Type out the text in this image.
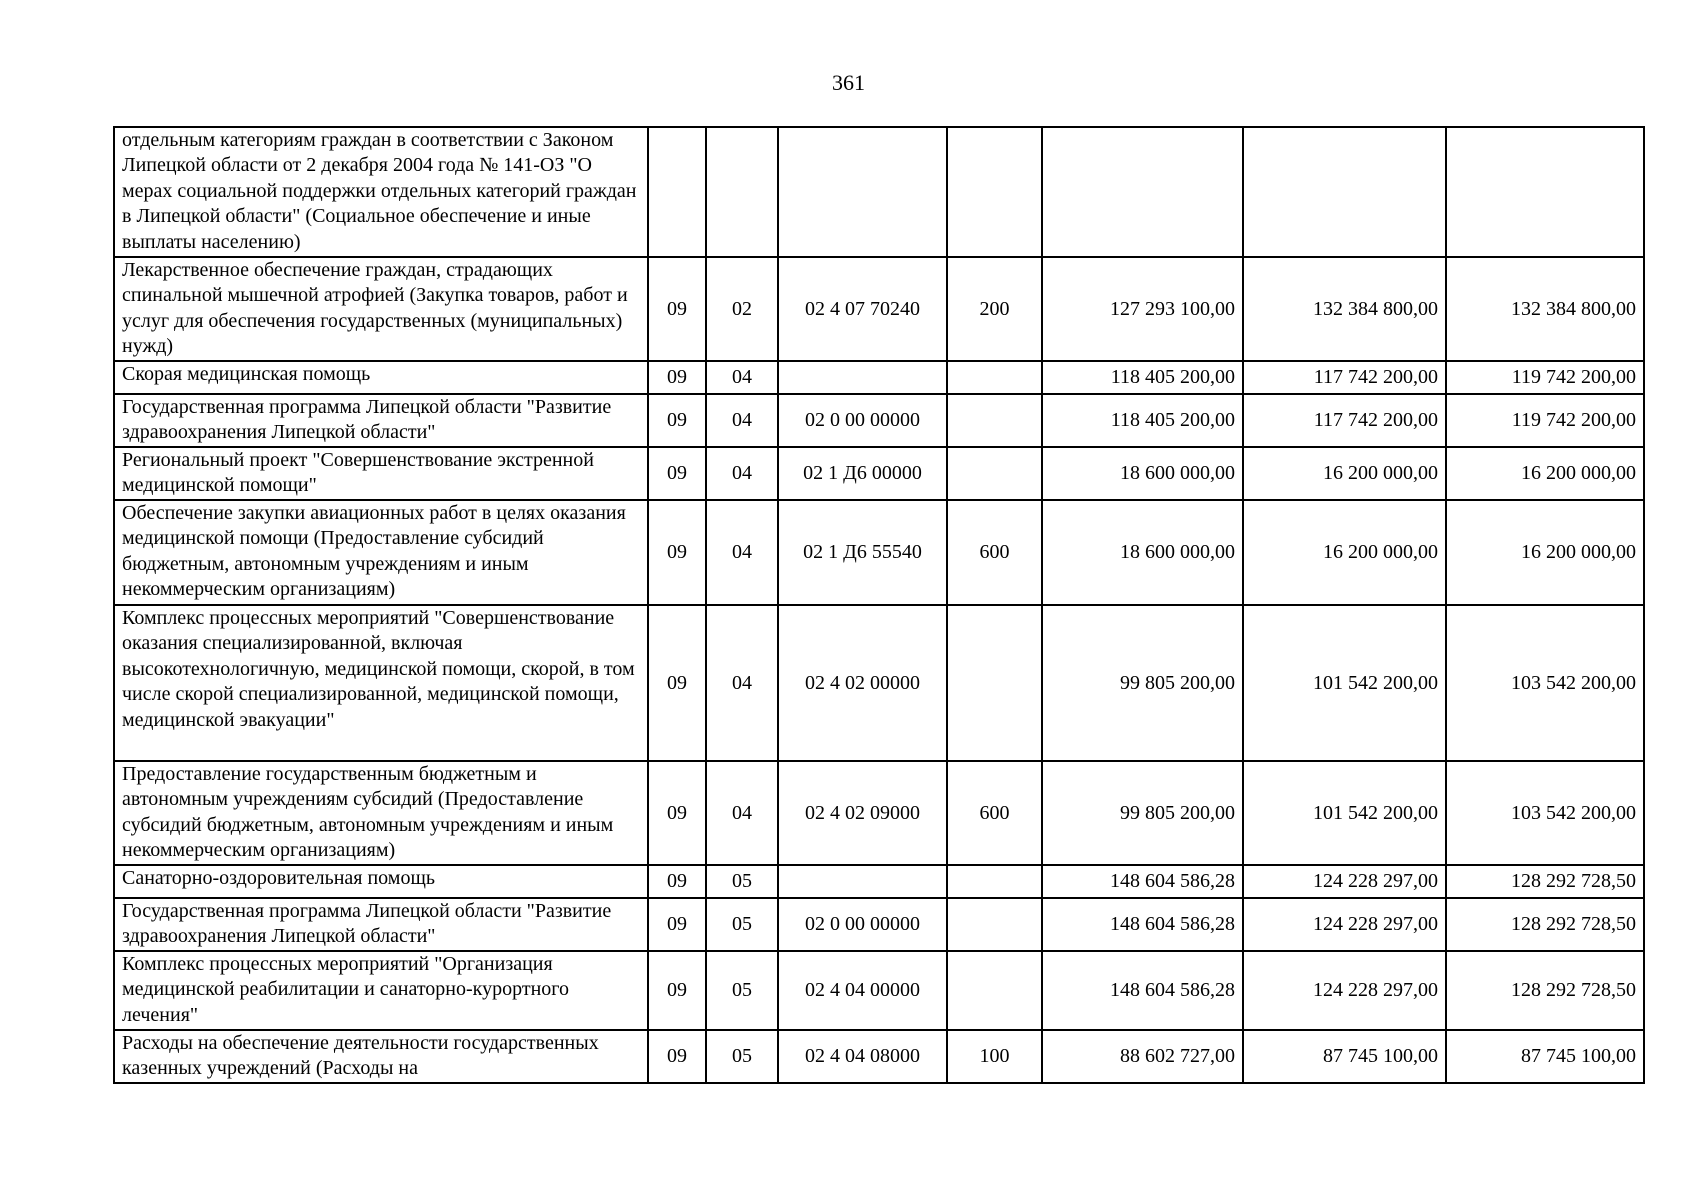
361
отдельным категориям граждан в соответствии с Законом Липецкой области от 2 декабря 2004 года № 141-ОЗ "О мерах социальной поддержки отдельных категорий граждан в Липецкой области" (Социальное обеспечение и иные выплаты населению)							
Лекарственное обеспечение граждан, страдающих спинальной мышечной атрофией (Закупка товаров, работ и услуг для обеспечения государственных (муниципальных) нужд)	09	02	02 4 07 70240	200	127 293 100,00	132 384 800,00	132 384 800,00
Скорая медицинская помощь	09	04			118 405 200,00	117 742 200,00	119 742 200,00
Государственная программа Липецкой области "Развитие здравоохранения Липецкой области"	09	04	02 0 00 00000		118 405 200,00	117 742 200,00	119 742 200,00
Региональный проект "Совершенствование экстренной медицинской помощи"	09	04	02 1 Д6 00000		18 600 000,00	16 200 000,00	16 200 000,00
Обеспечение закупки авиационных работ в целях оказания медицинской помощи (Предоставление субсидий бюджетным, автономным учреждениям и иным некоммерческим организациям)	09	04	02 1 Д6 55540	600	18 600 000,00	16 200 000,00	16 200 000,00
Комплекс процессных мероприятий "Совершенствование оказания специализированной, включая высокотехнологичную, медицинской помощи, скорой, в том числе скорой специализированной, медицинской помощи, медицинской эвакуации"	09	04	02 4 02 00000		99 805 200,00	101 542 200,00	103 542 200,00
Предоставление государственным бюджетным и автономным учреждениям субсидий (Предоставление субсидий бюджетным, автономным учреждениям и иным некоммерческим организациям)	09	04	02 4 02 09000	600	99 805 200,00	101 542 200,00	103 542 200,00
Санаторно-оздоровительная помощь	09	05			148 604 586,28	124 228 297,00	128 292 728,50
Государственная программа Липецкой области "Развитие здравоохранения Липецкой области"	09	05	02 0 00 00000		148 604 586,28	124 228 297,00	128 292 728,50
Комплекс процессных мероприятий "Организация медицинской реабилитации и санаторно-курортного лечения"	09	05	02 4 04 00000		148 604 586,28	124 228 297,00	128 292 728,50
Расходы на обеспечение деятельности государственных казенных учреждений (Расходы на	09	05	02 4 04 08000	100	88 602 727,00	87 745 100,00	87 745 100,00
